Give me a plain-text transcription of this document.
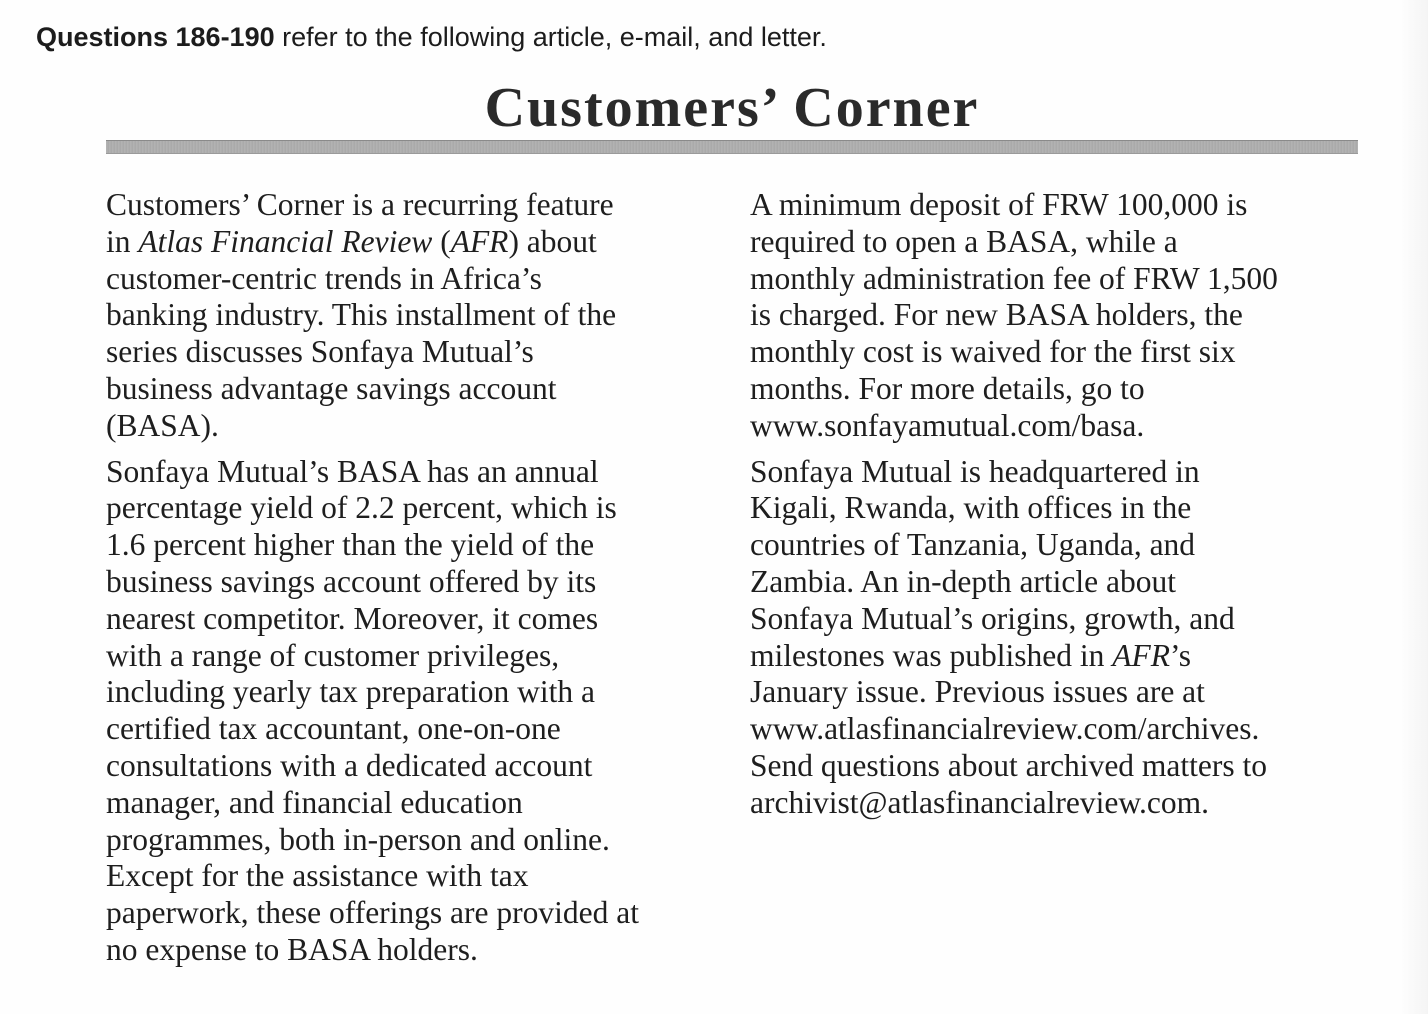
Questions 186-190 refer to the following article, e-mail, and letter.
Customers’ Corner

Customers’ Corner is a recurring feature
in Atlas Financial Review (AFR) about
customer-centric trends in Africa’s
banking industry. This installment of the
series discusses Sonfaya Mutual’s
business advantage savings account
(BASA).

Sonfaya Mutual’s BASA has an annual
percentage yield of 2.2 percent, which is
1.6 percent higher than the yield of the
business savings account offered by its
nearest competitor. Moreover, it comes
with a range of customer privileges,
including yearly tax preparation with a
certified tax accountant, one-on-one
consultations with a dedicated account
manager, and financial education
programmes, both in-person and online.
Except for the assistance with tax
paperwork, these offerings are provided at
no expense to BASA holders.

A minimum deposit of FRW 100,000 is
required to open a BASA, while a
monthly administration fee of FRW 1,500
is charged. For new BASA holders, the
monthly cost is waived for the first six
months. For more details, go to
www.sonfayamutual.com/basa.

Sonfaya Mutual is headquartered in
Kigali, Rwanda, with offices in the
countries of Tanzania, Uganda, and
Zambia. An in-depth article about
Sonfaya Mutual’s origins, growth, and
milestones was published in AFR’s
January issue. Previous issues are at
www.atlasfinancialreview.com/archives.
Send questions about archived matters to
archivist@atlasfinancialreview.com.
